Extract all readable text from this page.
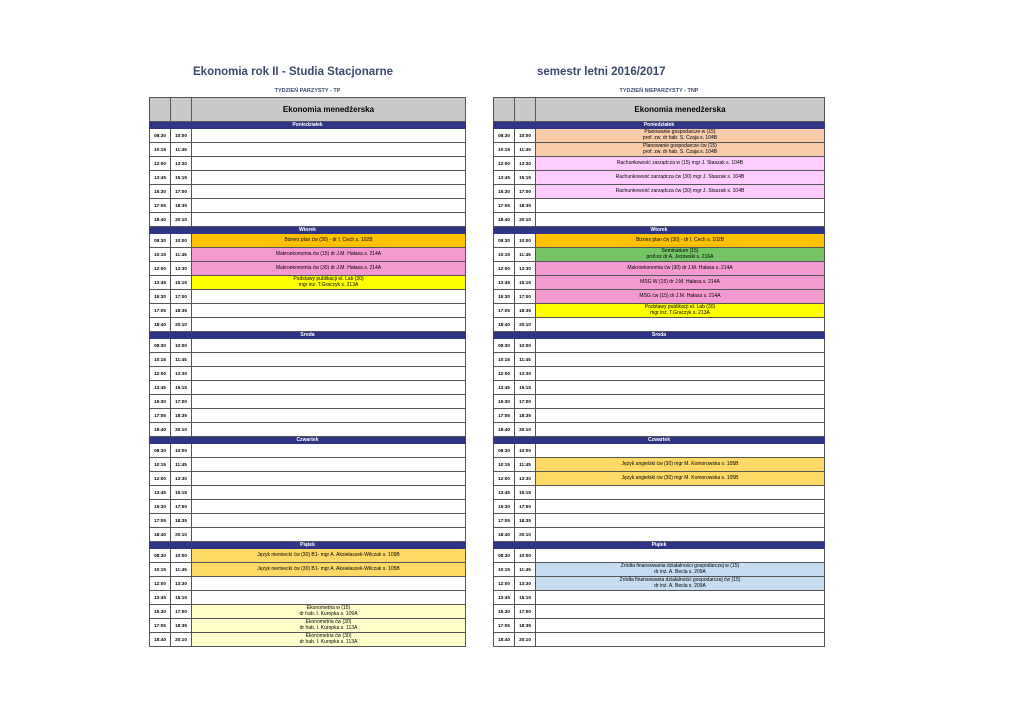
Ekonomia rok II - Studia Stacjonarne	semestr letni 2016/2017
TYDZIEŃ PARZYSTY - TP	TYDZIEŃ NIEPARZYSTY - TNP
		Ekonomia menedżerska
Poniedziałek		
08:30	10:00	
10:15	11:45	
12:00	13:30	
13:45	15:15	
15:30	17:00	
17:05	18:35	
18:40	20:10	
Wtorek		
08:30	10:00	Biznes plan ćw (30) - dr I. Cech s. 102B

10:15	11:45	Makroekonomia ćw (15) dr J.M. Hałasa s. 214A

12:00	13:30	Makroekonomia ćw (30) dr J.M. Hałasa s. 214A

13:45	15:15	Podstawy publikacji el. Lab (30)
mgr inż. T.Graczyk s. 213A

15:30	17:00	
17:05	18:35	
18:40	20:10	
Środa		
08:30	10:00	
10:15	11:45	
12:00	13:30	
13:45	15:15	
15:30	17:00	
17:05	18:35	
18:40	20:10	
Czwartek		
08:30	10:00	
10:15	11:45	
12:00	13:30	
13:45	15:15	
15:30	17:00	
17:05	18:35	
18:40	20:10	
Piątek		
08:30	10:00	Język niemiecki ćw (30) B1- mgr A. Aksiełaszek-Wilczak s. 109B

10:15	11:45	Język niemiecki ćw (30) B1- mgr A. Aksiełaszek-Wilczak s. 105B

12:00	13:30	
13:45	15:15	
15:30	17:00	Ekonometria w (15)
dr hab. I. Kuropka s. 109A

17:05	18:35	Ekonometria ćw (30)
dr hab. I. Kuropka s. 113A

18:40	20:10	Ekonometria ćw (30)
dr hab. I. Kuropka s. 113A
		Ekonomia menedżerska
Poniedziałek		
08:30	10:00	Planowanie gospodarcze w (15)
prof. zw. dr hab. S. Czaja s. 104B

10:15	11:45	Planowanie gospodarcze ćw (15)
prof. zw. dr hab. S. Czaja s. 104B

12:00	13:30	Rachunkowość zarządcza w (15) mgr J. Staszak s. 104B

13:45	15:15	Rachunkowość zarządcza ćw (30) mgr J. Staszak s. 104B

15:30	17:00	Rachunkowość zarządcza ćw (30) mgr J. Staszak s. 104B

17:05	18:35	
18:40	20:10	
Wtorek		
08:30	10:00	Biznes plan ćw (30) - dr I. Cech s. 102B

10:15	11:45	Seminarium (15)
prof.nz dr A. Jeżowski s. 216A

12:00	13:30	Makroekonomia ćw (30) dr J.M. Hałasa s. 214A

13:45	15:15	MSG W (15) dr J.M. Hałasa s. 214A

15:30	17:00	MSG ćw (15) dr J.M. Hałasa s. 214A

17:05	18:35	Podstawy publikacji el. Lab (30)
mgr inż. T.Graczyk s. 213A

18:40	20:10	
Środa		
08:30	10:00	
10:15	11:45	
12:00	13:30	
13:45	15:15	
15:30	17:00	
17:05	18:35	
18:40	20:10	
Czwartek		
08:30	10:00	
10:15	11:45	Język angielski ćw (30) mgr M. Komorowska s. 105B

12:00	13:30	Język angielski ćw (30) mgr M. Komorowska s. 105B

13:45	15:15	
15:30	17:00	
17:05	18:35	
18:40	20:10	
Piątek		
08:30	10:00	
10:15	11:45	Źródła finansowania działalności gospodarczej w (15)
dr inż. A. Becla s. 209A

12:00	13:30	Źródła finansowania działalności gospodarczej ćw (15)
dr inż. A. Becla s. 209A

13:45	15:15	
15:30	17:00	
17:05	18:35	
18:40	20:10	
